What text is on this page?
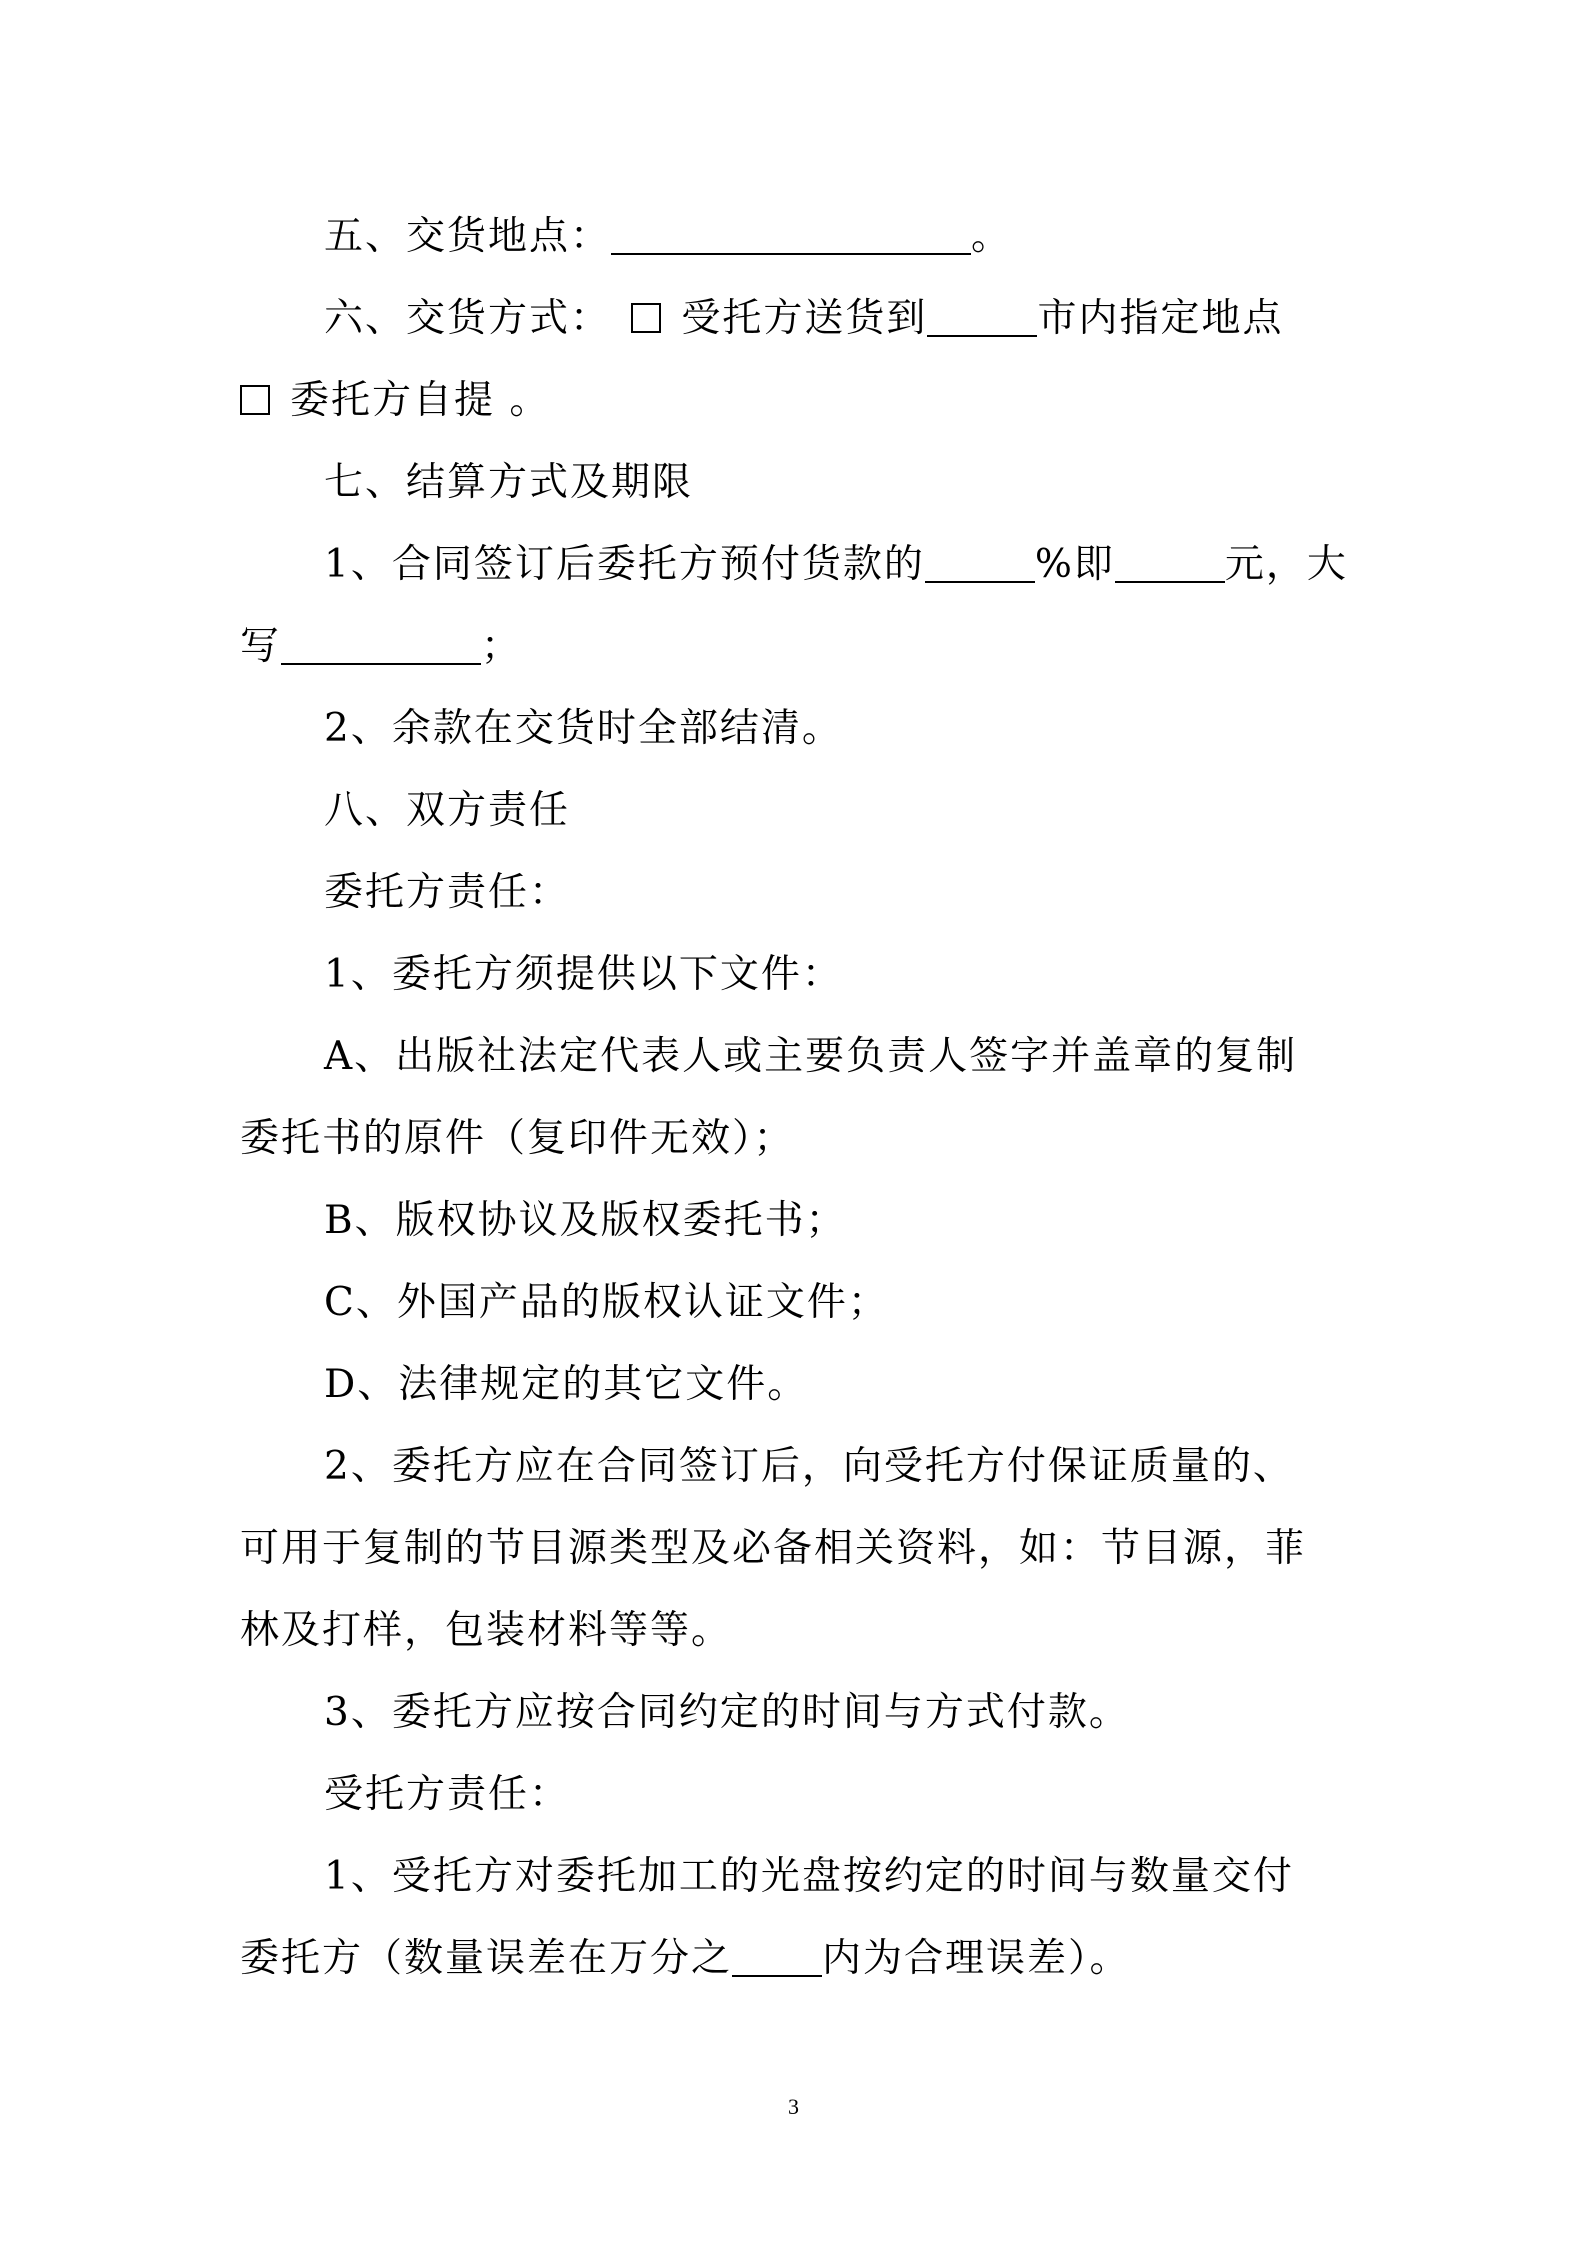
五、交货地点：	。
六、交货方式： 受托方送货到	市内指定地点
委托方自提 。
七、结算方式及期限
1、合同签订后委托方预付货款的	%即	元，大
写	；
2、余款在交货时全部结清。
八、双方责任
委托方责任：
1、委托方须提供以下文件：
A、出版社法定代表人或主要负责人签字并盖章的复制
委托书的原件（复印件无效）；
B、版权协议及版权委托书；
C、外国产品的版权认证文件；
D、法律规定的其它文件。
2、委托方应在合同签订后，向受托方付保证质量的、
可用于复制的节目源类型及必备相关资料，如：节目源，菲
林及打样，包装材料等等。
3、委托方应按合同约定的时间与方式付款。
受托方责任：
1、受托方对委托加工的光盘按约定的时间与数量交付
委托方（数量误差在万分之 内为合理误差）。
3
